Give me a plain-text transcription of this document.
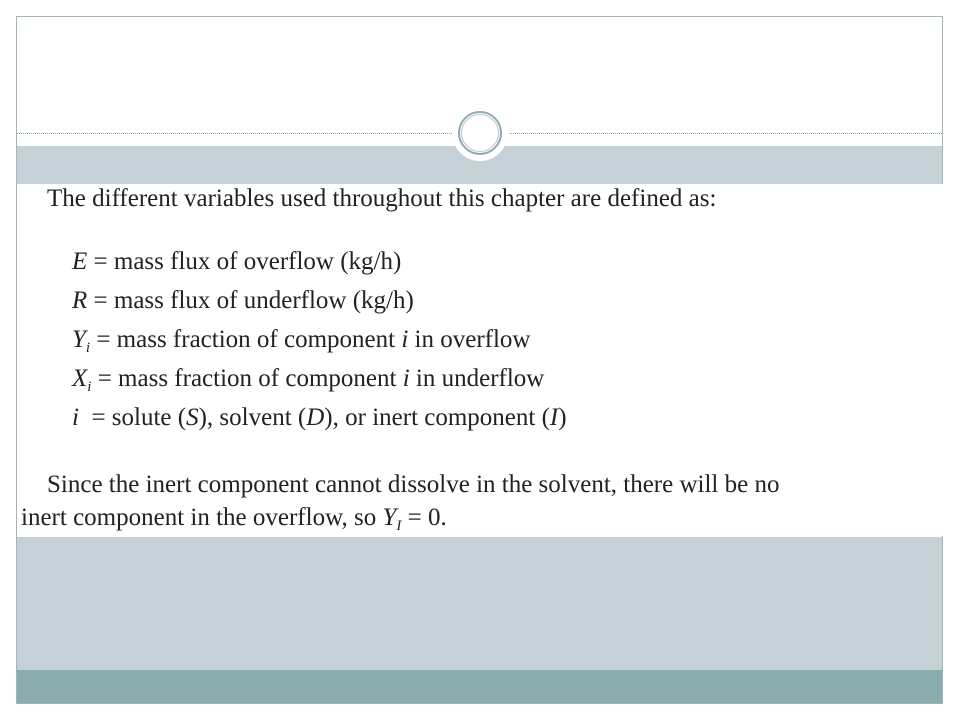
The different variables used throughout this chapter are defined as:
E = mass flux of overflow (kg/h)
R = mass flux of underflow (kg/h)
$Y_i$ = mass fraction of component i in overflow
$X_i$ = mass fraction of component i in underflow
i  = solute (S), solvent (D), or inert component (I)
Since the inert component cannot dissolve in the solvent, there will be no
inert component in the overflow, so $Y_I = 0$.
